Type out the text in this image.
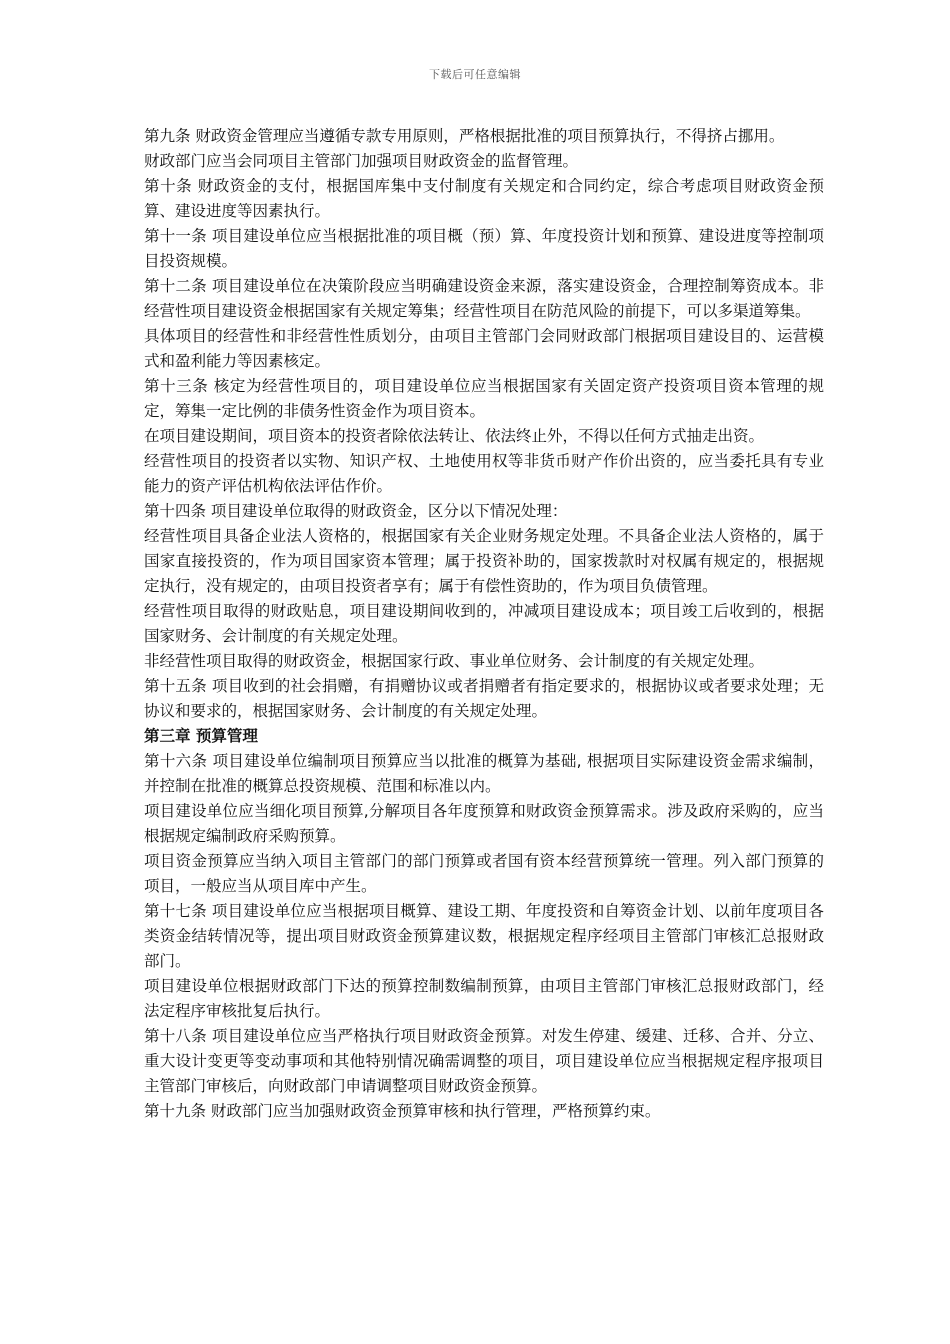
下载后可任意编辑

第九条 财政资金管理应当遵循专款专用原则，严格根据批准的项目预算执行，不得挤占挪用。

财政部门应当会同项目主管部门加强项目财政资金的监督管理。

第十条 财政资金的支付，根据国库集中支付制度有关规定和合同约定，综合考虑项目财政资金预算、建设进度等因素执行。

第十一条 项目建设单位应当根据批准的项目概（预）算、年度投资计划和预算、建设进度等控制项目投资规模。

第十二条 项目建设单位在决策阶段应当明确建设资金来源，落实建设资金，合理控制筹资成本。非经营性项目建设资金根据国家有关规定筹集；经营性项目在防范风险的前提下，可以多渠道筹集。

具体项目的经营性和非经营性性质划分，由项目主管部门会同财政部门根据项目建设目的、运营模式和盈利能力等因素核定。

第十三条 核定为经营性项目的，项目建设单位应当根据国家有关固定资产投资项目资本管理的规定，筹集一定比例的非债务性资金作为项目资本。

在项目建设期间，项目资本的投资者除依法转让、依法终止外，不得以任何方式抽走出资。

经营性项目的投资者以实物、知识产权、土地使用权等非货币财产作价出资的，应当委托具有专业能力的资产评估机构依法评估作价。

第十四条 项目建设单位取得的财政资金，区分以下情况处理：

经营性项目具备企业法人资格的，根据国家有关企业财务规定处理。不具备企业法人资格的，属于国家直接投资的，作为项目国家资本管理；属于投资补助的，国家拨款时对权属有规定的，根据规定执行，没有规定的，由项目投资者享有；属于有偿性资助的，作为项目负债管理。

经营性项目取得的财政贴息，项目建设期间收到的，冲减项目建设成本；项目竣工后收到的，根据国家财务、会计制度的有关规定处理。

非经营性项目取得的财政资金，根据国家行政、事业单位财务、会计制度的有关规定处理。

第十五条 项目收到的社会捐赠，有捐赠协议或者捐赠者有指定要求的，根据协议或者要求处理；无协议和要求的，根据国家财务、会计制度的有关规定处理。

第三章 预算管理

第十六条 项目建设单位编制项目预算应当以批准的概算为基础, 根据项目实际建设资金需求编制，并控制在批准的概算总投资规模、范围和标准以内。

项目建设单位应当细化项目预算,分解项目各年度预算和财政资金预算需求。涉及政府采购的，应当根据规定编制政府采购预算。

项目资金预算应当纳入项目主管部门的部门预算或者国有资本经营预算统一管理。列入部门预算的项目，一般应当从项目库中产生。

第十七条 项目建设单位应当根据项目概算、建设工期、年度投资和自筹资金计划、以前年度项目各类资金结转情况等，提出项目财政资金预算建议数，根据规定程序经项目主管部门审核汇总报财政部门。

项目建设单位根据财政部门下达的预算控制数编制预算，由项目主管部门审核汇总报财政部门，经法定程序审核批复后执行。

第十八条 项目建设单位应当严格执行项目财政资金预算。对发生停建、缓建、迁移、合并、分立、重大设计变更等变动事项和其他特别情况确需调整的项目，项目建设单位应当根据规定程序报项目主管部门审核后，向财政部门申请调整项目财政资金预算。

第十九条 财政部门应当加强财政资金预算审核和执行管理，严格预算约束。
